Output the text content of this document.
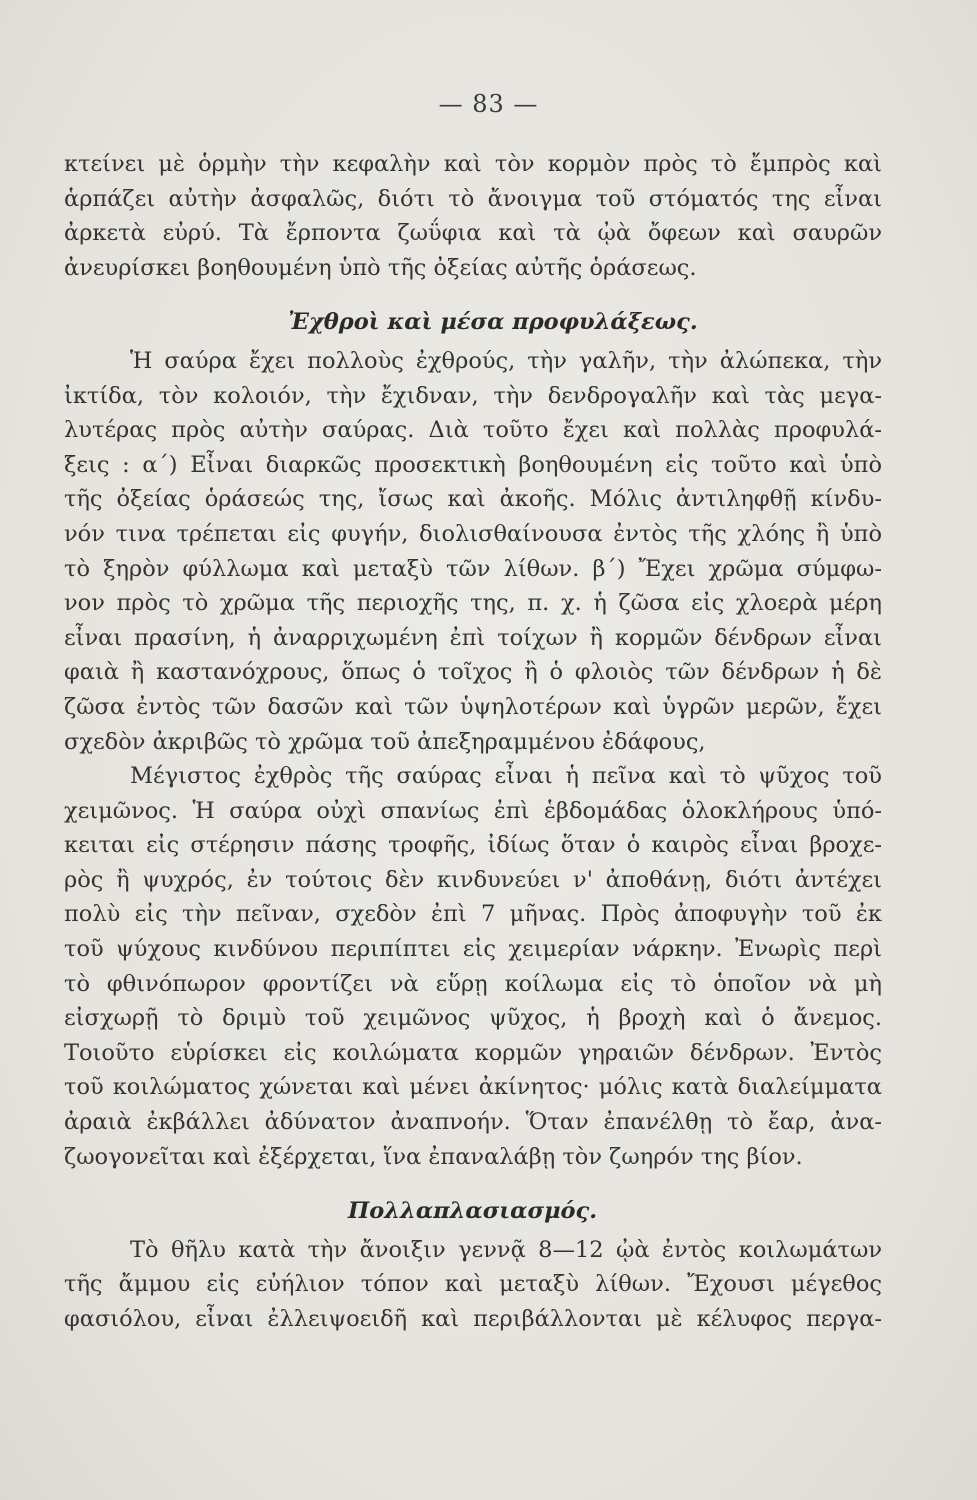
— 83 —
κτείνει μὲ ὁρμὴν τὴν κεφαλὴν καὶ τὸν κορμὸν πρὸς τὸ ἔμπρὸς καὶ
ἁρπάζει αὐτὴν ἀσφαλῶς, διότι τὸ ἄνοιγμα τοῦ στόματός της εἶναι
ἀρκετὰ εὐρύ. Τὰ ἔρποντα ζωΰφια καὶ τὰ ᾠὰ ὄφεων καὶ σαυρῶν
ἀνευρίσκει βοηθουμένη ὑπὸ τῆς ὀξείας αὐτῆς ὁράσεως.
Ἐχθροὶ καὶ μέσα προφυλάξεως.
Ἡ σαύρα ἔχει πολλοὺς ἐχθρούς, τὴν γαλῆν, τὴν ἀλώπεκα, τὴν
ἰκτίδα, τὸν κολοιόν, τὴν ἔχιδναν, τὴν δενδρογαλῆν καὶ τὰς μεγα-
λυτέρας πρὸς αὐτὴν σαύρας. Διὰ τοῦτο ἔχει καὶ πολλὰς προφυλά-
ξεις : α΄) Εἶναι διαρκῶς προσεκτικὴ βοηθουμένη εἰς τοῦτο καὶ ὑπὸ
τῆς ὀξείας ὁράσεώς της, ἴσως καὶ ἀκοῆς. Μόλις ἀντιληφθῇ κίνδυ-
νόν τινα τρέπεται εἰς φυγήν, διολισθαίνουσα ἐντὸς τῆς χλόης ἢ ὑπὸ
τὸ ξηρὸν φύλλωμα καὶ μεταξὺ τῶν λίθων. β΄) Ἔχει χρῶμα σύμφω-
νον πρὸς τὸ χρῶμα τῆς περιοχῆς της, π. χ. ἡ ζῶσα εἰς χλοερὰ μέρη
εἶναι πρασίνη, ἡ ἀναρριχωμένη ἐπὶ τοίχων ἢ κορμῶν δένδρων εἶναι
φαιὰ ἢ καστανόχρους, ὅπως ὁ τοῖχος ἢ ὁ φλοιὸς τῶν δένδρων ἡ δὲ
ζῶσα ἐντὸς τῶν δασῶν καὶ τῶν ὑψηλοτέρων καὶ ὑγρῶν μερῶν, ἔχει
σχεδὸν ἀκριβῶς τὸ χρῶμα τοῦ ἀπεξηραμμένου ἐδάφους,
Μέγιστος ἐχθρὸς τῆς σαύρας εἶναι ἡ πεῖνα καὶ τὸ ψῦχος τοῦ
χειμῶνος. Ἡ σαύρα οὐχὶ σπανίως ἐπὶ ἑβδομάδας ὁλοκλήρους ὑπό-
κειται εἰς στέρησιν πάσης τροφῆς, ἰδίως ὅταν ὁ καιρὸς εἶναι βροχε-
ρὸς ἢ ψυχρός, ἐν τούτοις δὲν κινδυνεύει ν' ἀποθάνῃ, διότι ἀντέχει
πολὺ εἰς τὴν πεῖναν, σχεδὸν ἐπὶ 7 μῆνας. Πρὸς ἀποφυγὴν τοῦ ἐκ
τοῦ ψύχους κινδύνου περιπίπτει εἰς χειμερίαν νάρκην. Ἐνωρὶς περὶ
τὸ φθινόπωρον φροντίζει νὰ εὕρῃ κοίλωμα εἰς τὸ ὁποῖον νὰ μὴ
εἰσχωρῇ τὸ δριμὺ τοῦ χειμῶνος ψῦχος, ἡ βροχὴ καὶ ὁ ἄνεμος.
Τοιοῦτο εὑρίσκει εἰς κοιλώματα κορμῶν γηραιῶν δένδρων. Ἐντὸς
τοῦ κοιλώματος χώνεται καὶ μένει ἀκίνητος· μόλις κατὰ διαλείμματα
ἀραιὰ ἐκβάλλει ἀδύνατον ἀναπνοήν. Ὅταν ἐπανέλθῃ τὸ ἔαρ, ἀνα-
ζωογονεῖται καὶ ἐξέρχεται, ἵνα ἐπαναλάβῃ τὸν ζωηρόν της βίον.
Πολλαπλασιασμός.
Τὸ θῆλυ κατὰ τὴν ἄνοιξιν γεννᾷ 8—12 ᾠὰ ἐντὸς κοιλωμάτων
τῆς ἄμμου εἰς εὐήλιον τόπον καὶ μεταξὺ λίθων. Ἔχουσι μέγεθος
φασιόλου, εἶναι ἐλλειψοειδῆ καὶ περιβάλλονται μὲ κέλυφος περγα-
